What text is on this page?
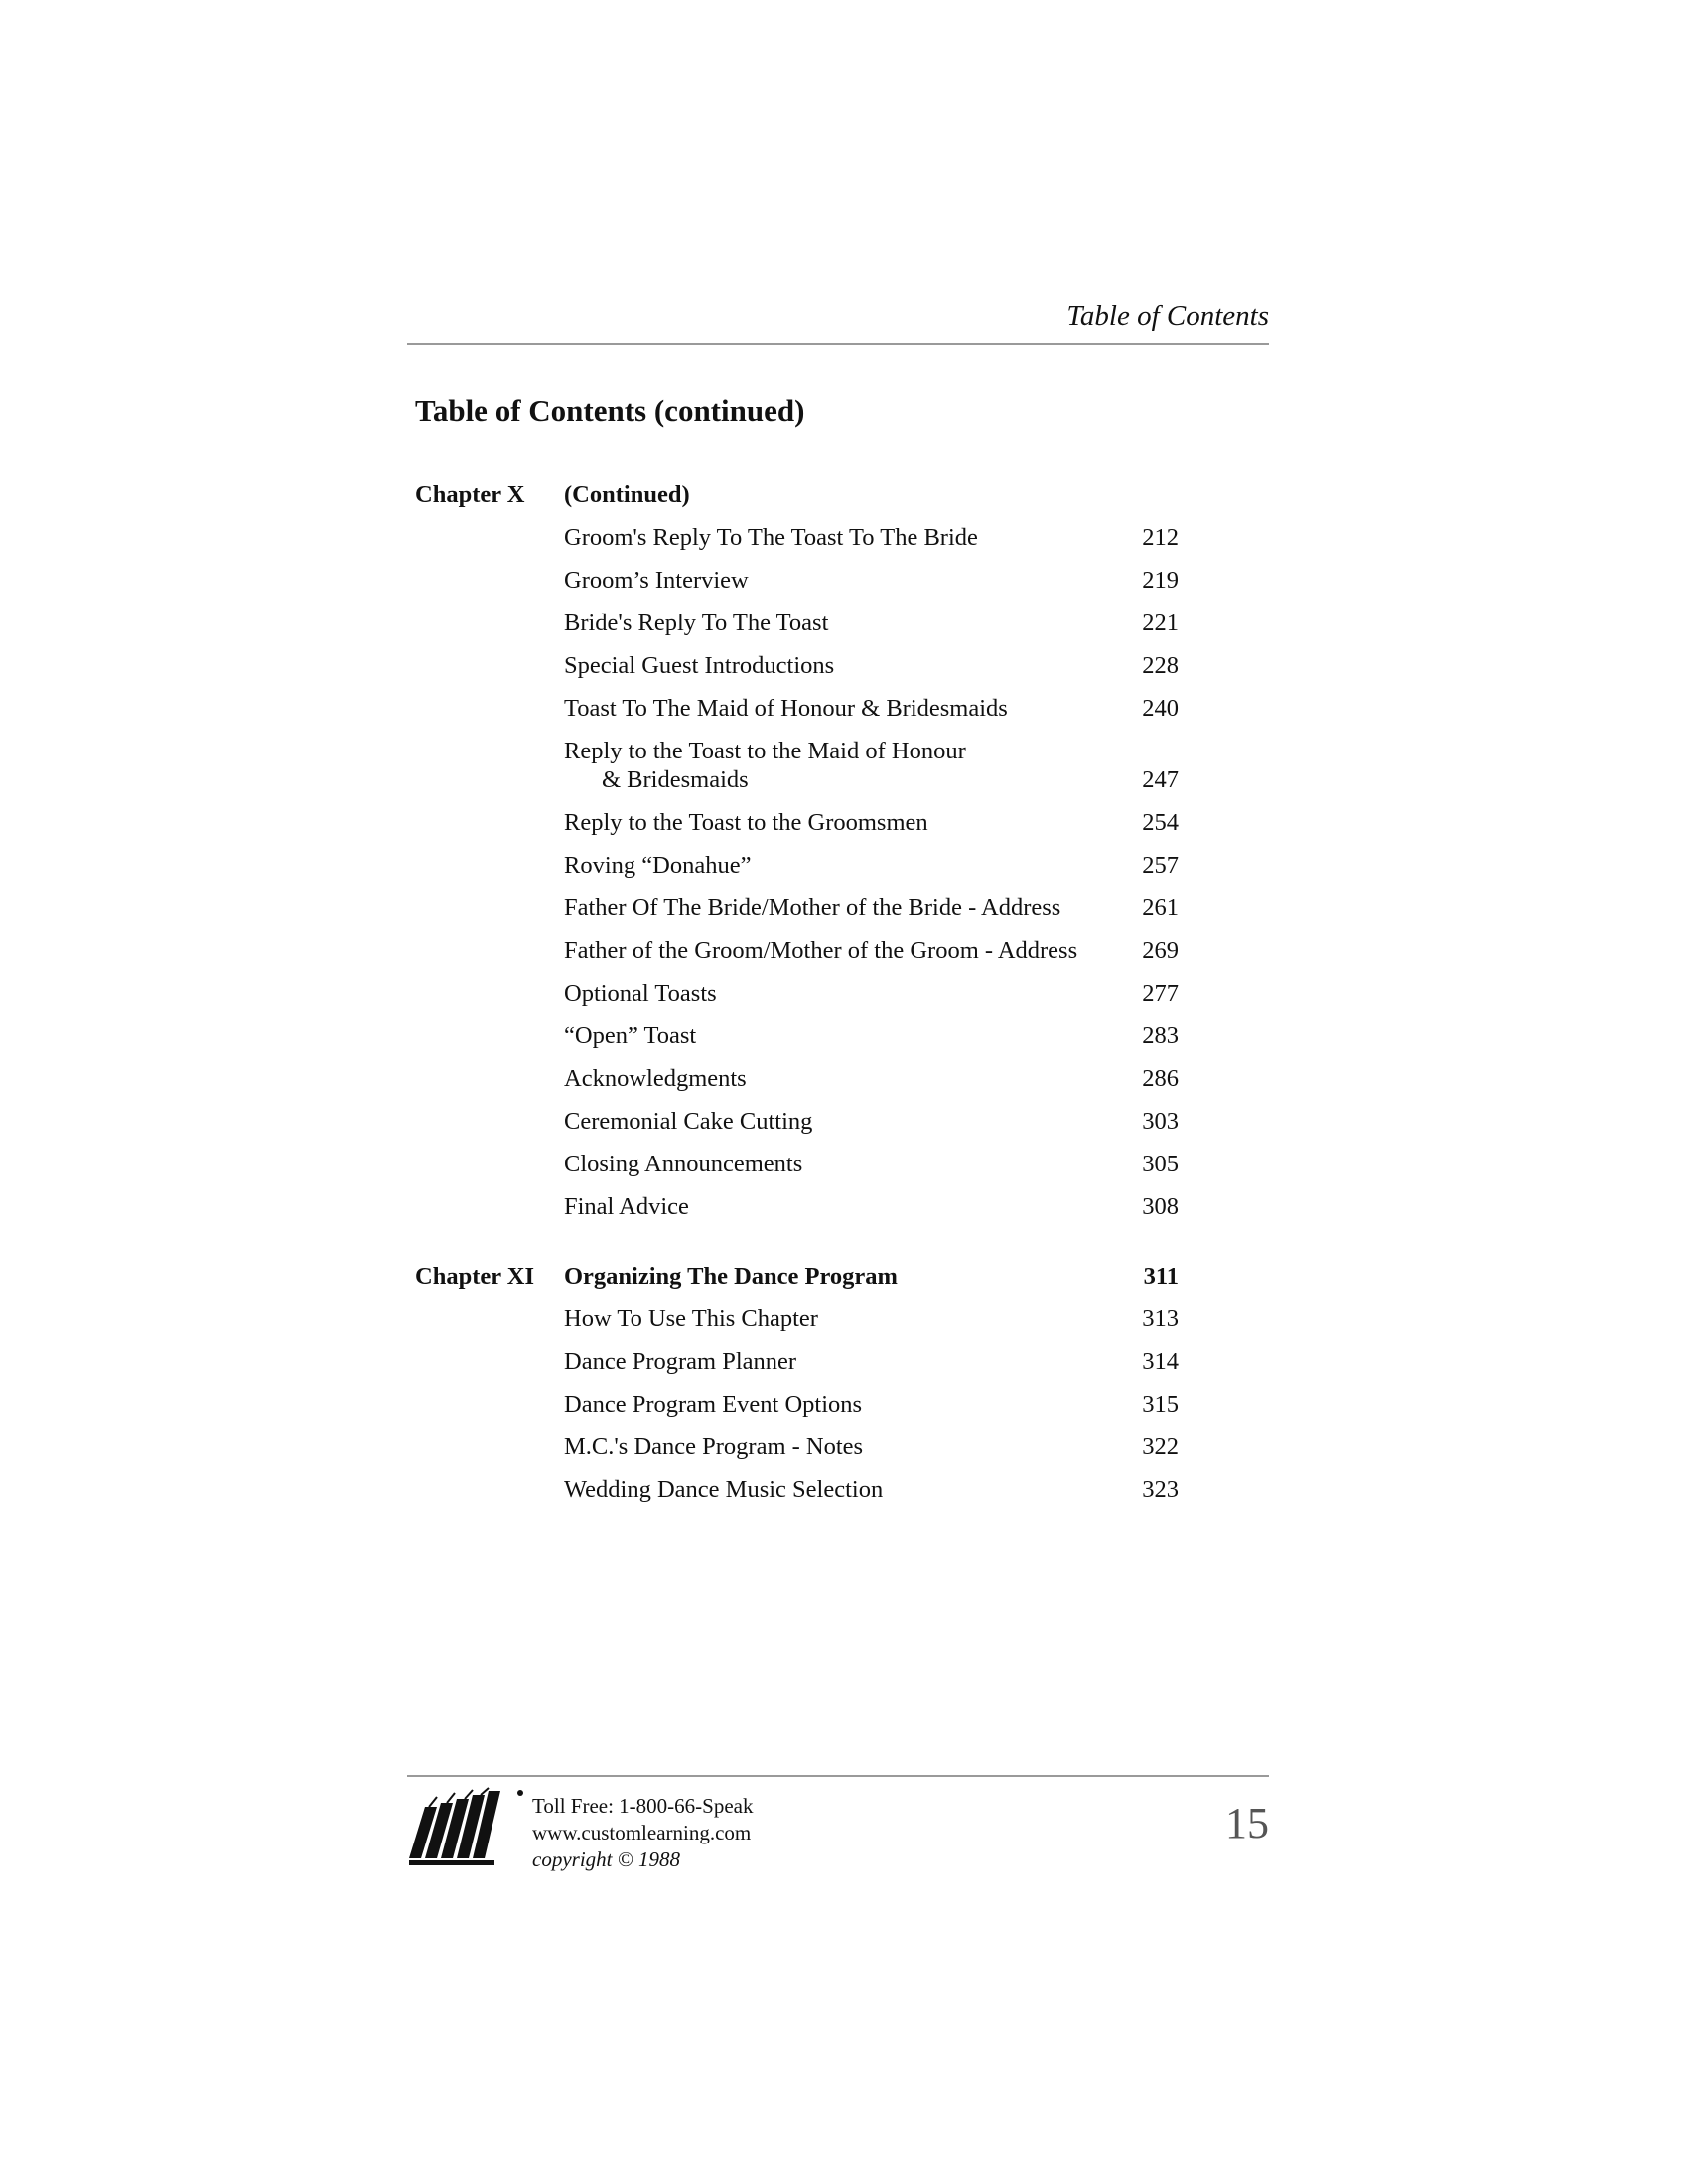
Table of Contents
Table of Contents (continued)
Chapter X	(Continued)
Groom's Reply To The Toast To The Bride	212
Groom’s Interview	219
Bride's Reply To The Toast	221
Special Guest Introductions	228
Toast To The Maid of Honour & Bridesmaids	240
Reply to the Toast to the Maid of Honour
& Bridesmaids	247
Reply to the Toast to the Groomsmen	254
Roving “Donahue”	257
Father Of The Bride/Mother of the Bride - Address	261
Father of the Groom/Mother of the Groom - Address	269
Optional Toasts	277
“Open” Toast	283
Acknowledgments	286
Ceremonial Cake Cutting	303
Closing Announcements	305
Final Advice	308
Chapter XI	Organizing The Dance Program	311
How To Use This Chapter	313
Dance Program Planner	314
Dance Program Event Options	315
M.C.'s Dance Program - Notes	322
Wedding Dance Music Selection	323
Toll Free: 1-800-66-Speak
www.customlearning.com
copyright © 1988
15
